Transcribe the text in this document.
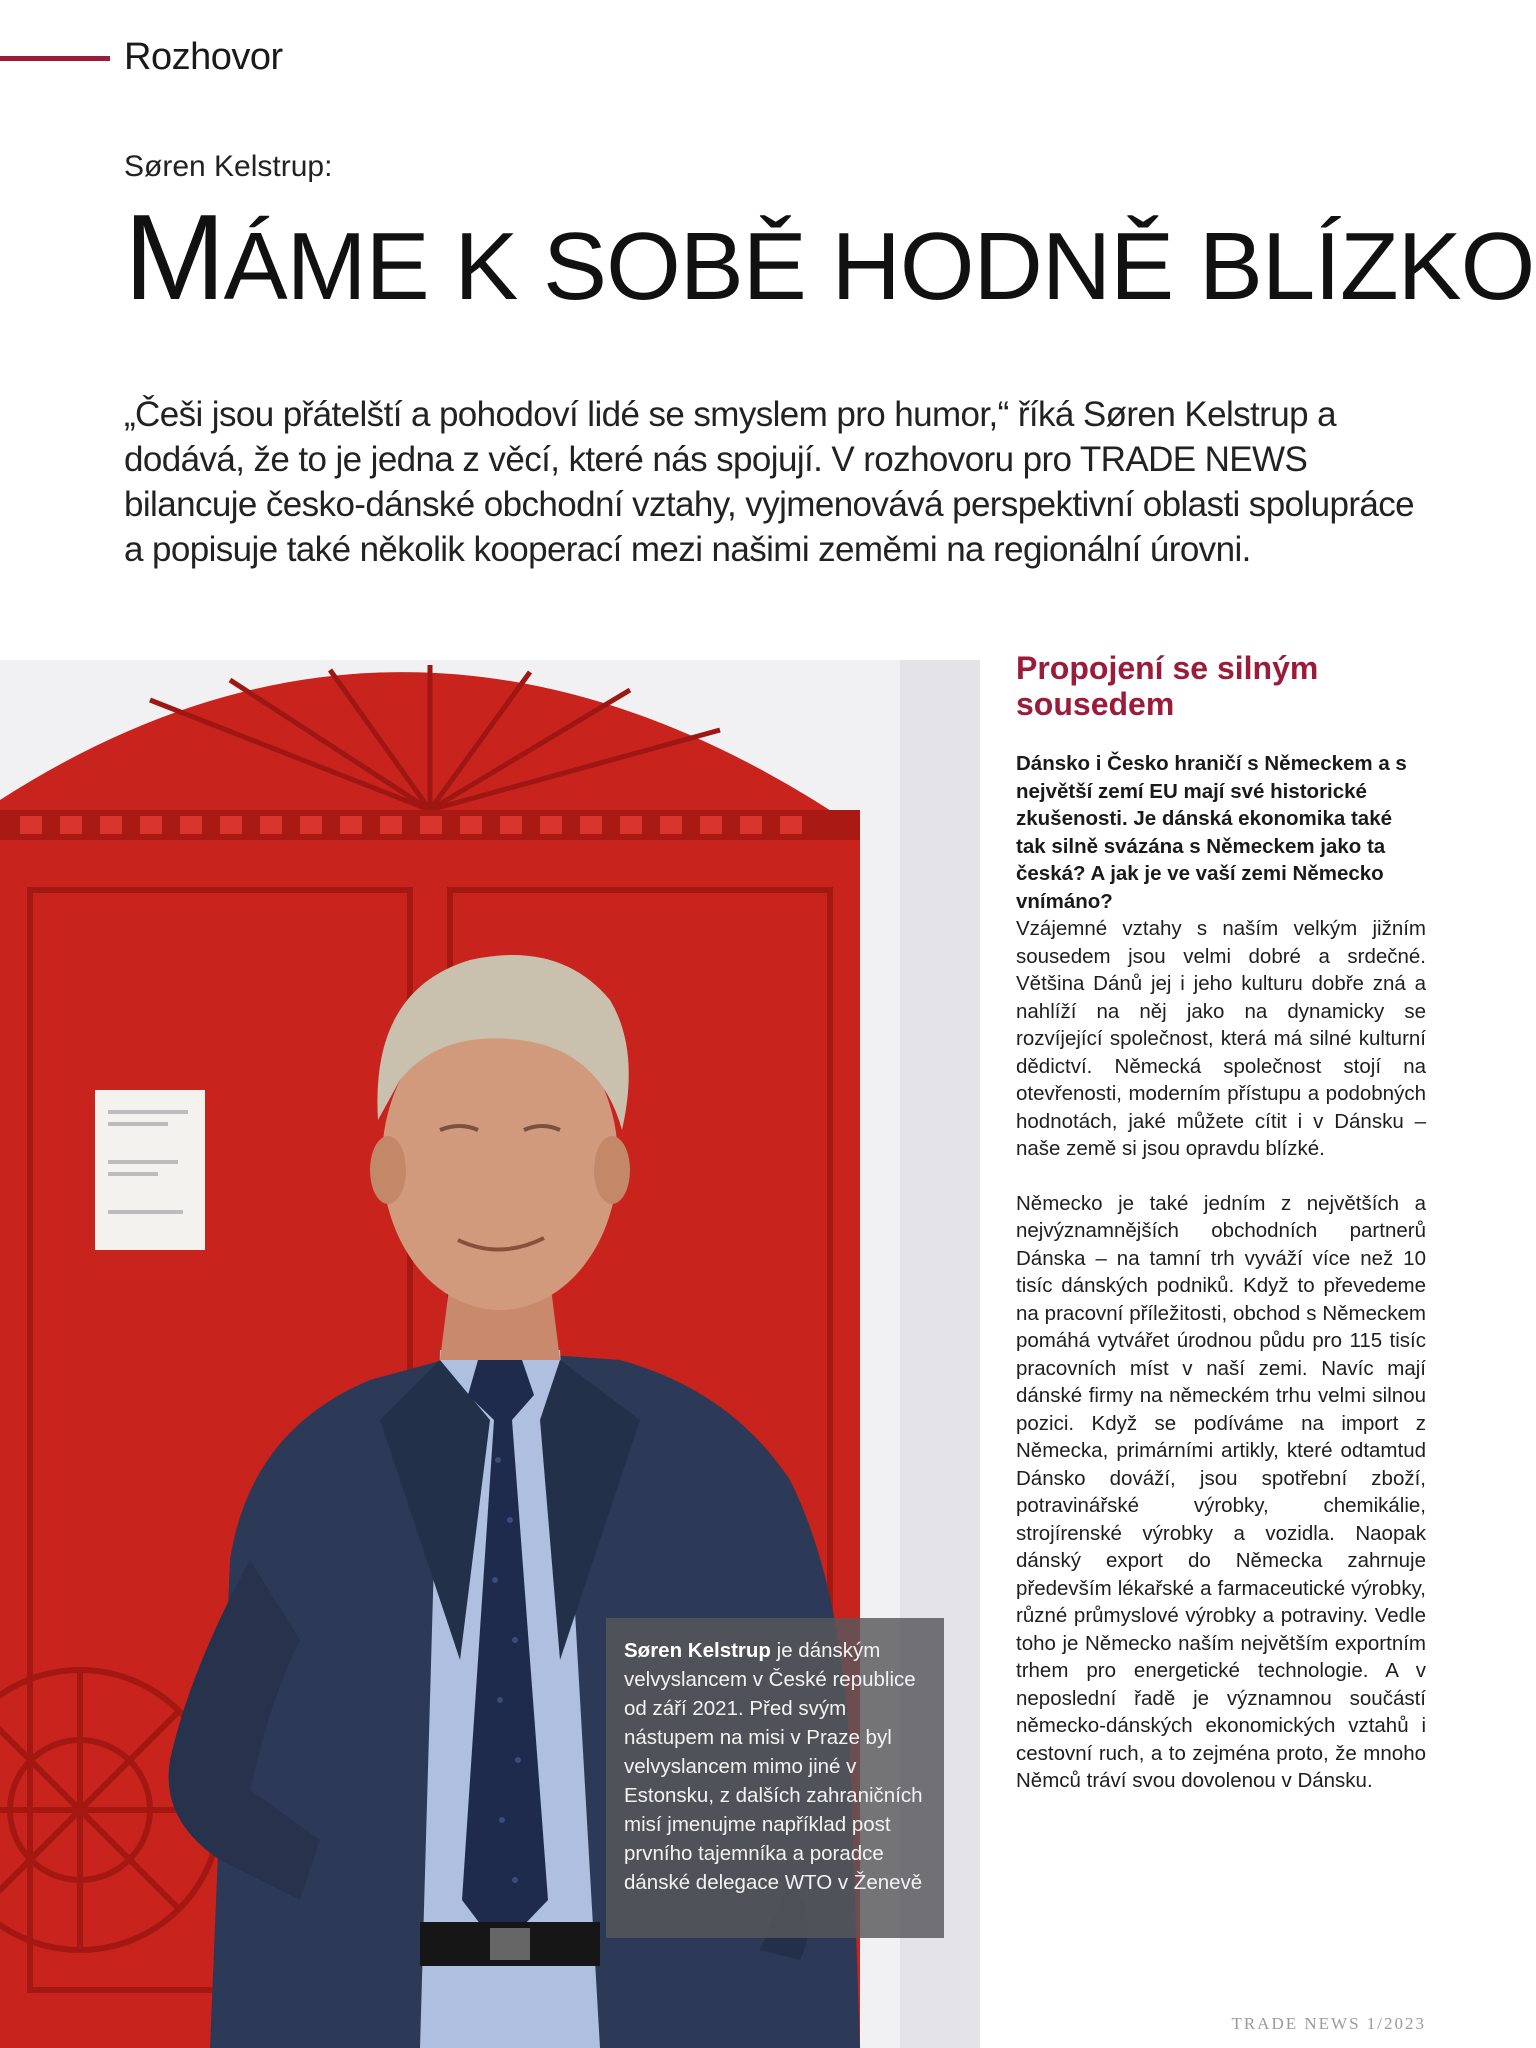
Rozhovor
Søren Kelstrup:
MÁME K SOBĚ HODNĚ BLÍZKO

„Češi jsou přátelští a pohodoví lidé se smyslem pro humor,“ říká Søren Kelstrup a dodává, že to je jedna z věcí, které nás spojují. V rozhovoru pro TRADE NEWS bilancuje česko-dánské obchodní vztahy, vyjmenovává perspektivní oblasti spolupráce a popisuje také několik kooperací mezi našimi zeměmi na regionální úrovni.

Søren Kelstrup je dánským velvyslancem v České republice od září 2021. Před svým nástupem na misi v Praze byl velvyslancem mimo jiné v Estonsku, z dalších zahraničních misí jmenujme například post prvního tajemníka a poradce dánské delegace WTO v Ženevě
Propojení se silným sousedem

Dánsko i Česko hraničí s Německem a s největší zemí EU mají své historické zkušenosti. Je dánská ekonomika také tak silně svázána s Německem jako ta česká? A jak je ve vaší zemi Německo vnímáno?

Vzájemné vztahy s naším velkým jižním sousedem jsou velmi dobré a srdečné. Většina Dánů jej i jeho kulturu dobře zná a nahlíží na něj jako na dynamicky se rozvíjející společnost, která má silné kulturní dědictví. Německá společnost stojí na otevřenosti, moderním přístupu a podobných hodnotách, jaké můžete cítit i v Dánsku – naše země si jsou opravdu blízké.

Německo je také jedním z největších a nejvýznamnějších obchodních partnerů Dánska – na tamní trh vyváží více než 10 tisíc dánských podniků. Když to převedeme na pracovní příležitosti, obchod s Německem pomáhá vytvářet úrodnou půdu pro 115 tisíc pracovních míst v naší zemi. Navíc mají dánské firmy na německém trhu velmi silnou pozici. Když se podíváme na import z Německa, primárními artikly, které odtamtud Dánsko dováží, jsou spotřební zboží, potravinářské výrobky, chemikálie, strojírenské výrobky a vozidla. Naopak dánský export do Německa zahrnuje především lékařské a farmaceutické výrobky, různé průmyslové výrobky a potraviny. Vedle toho je Německo naším největším exportním trhem pro energetické technologie. A v neposlední řadě je významnou součástí německo-dánských ekonomických vztahů i cestovní ruch, a to zejména proto, že mnoho Němců tráví svou dovolenou v Dánsku.

TRADE NEWS 1/2023
